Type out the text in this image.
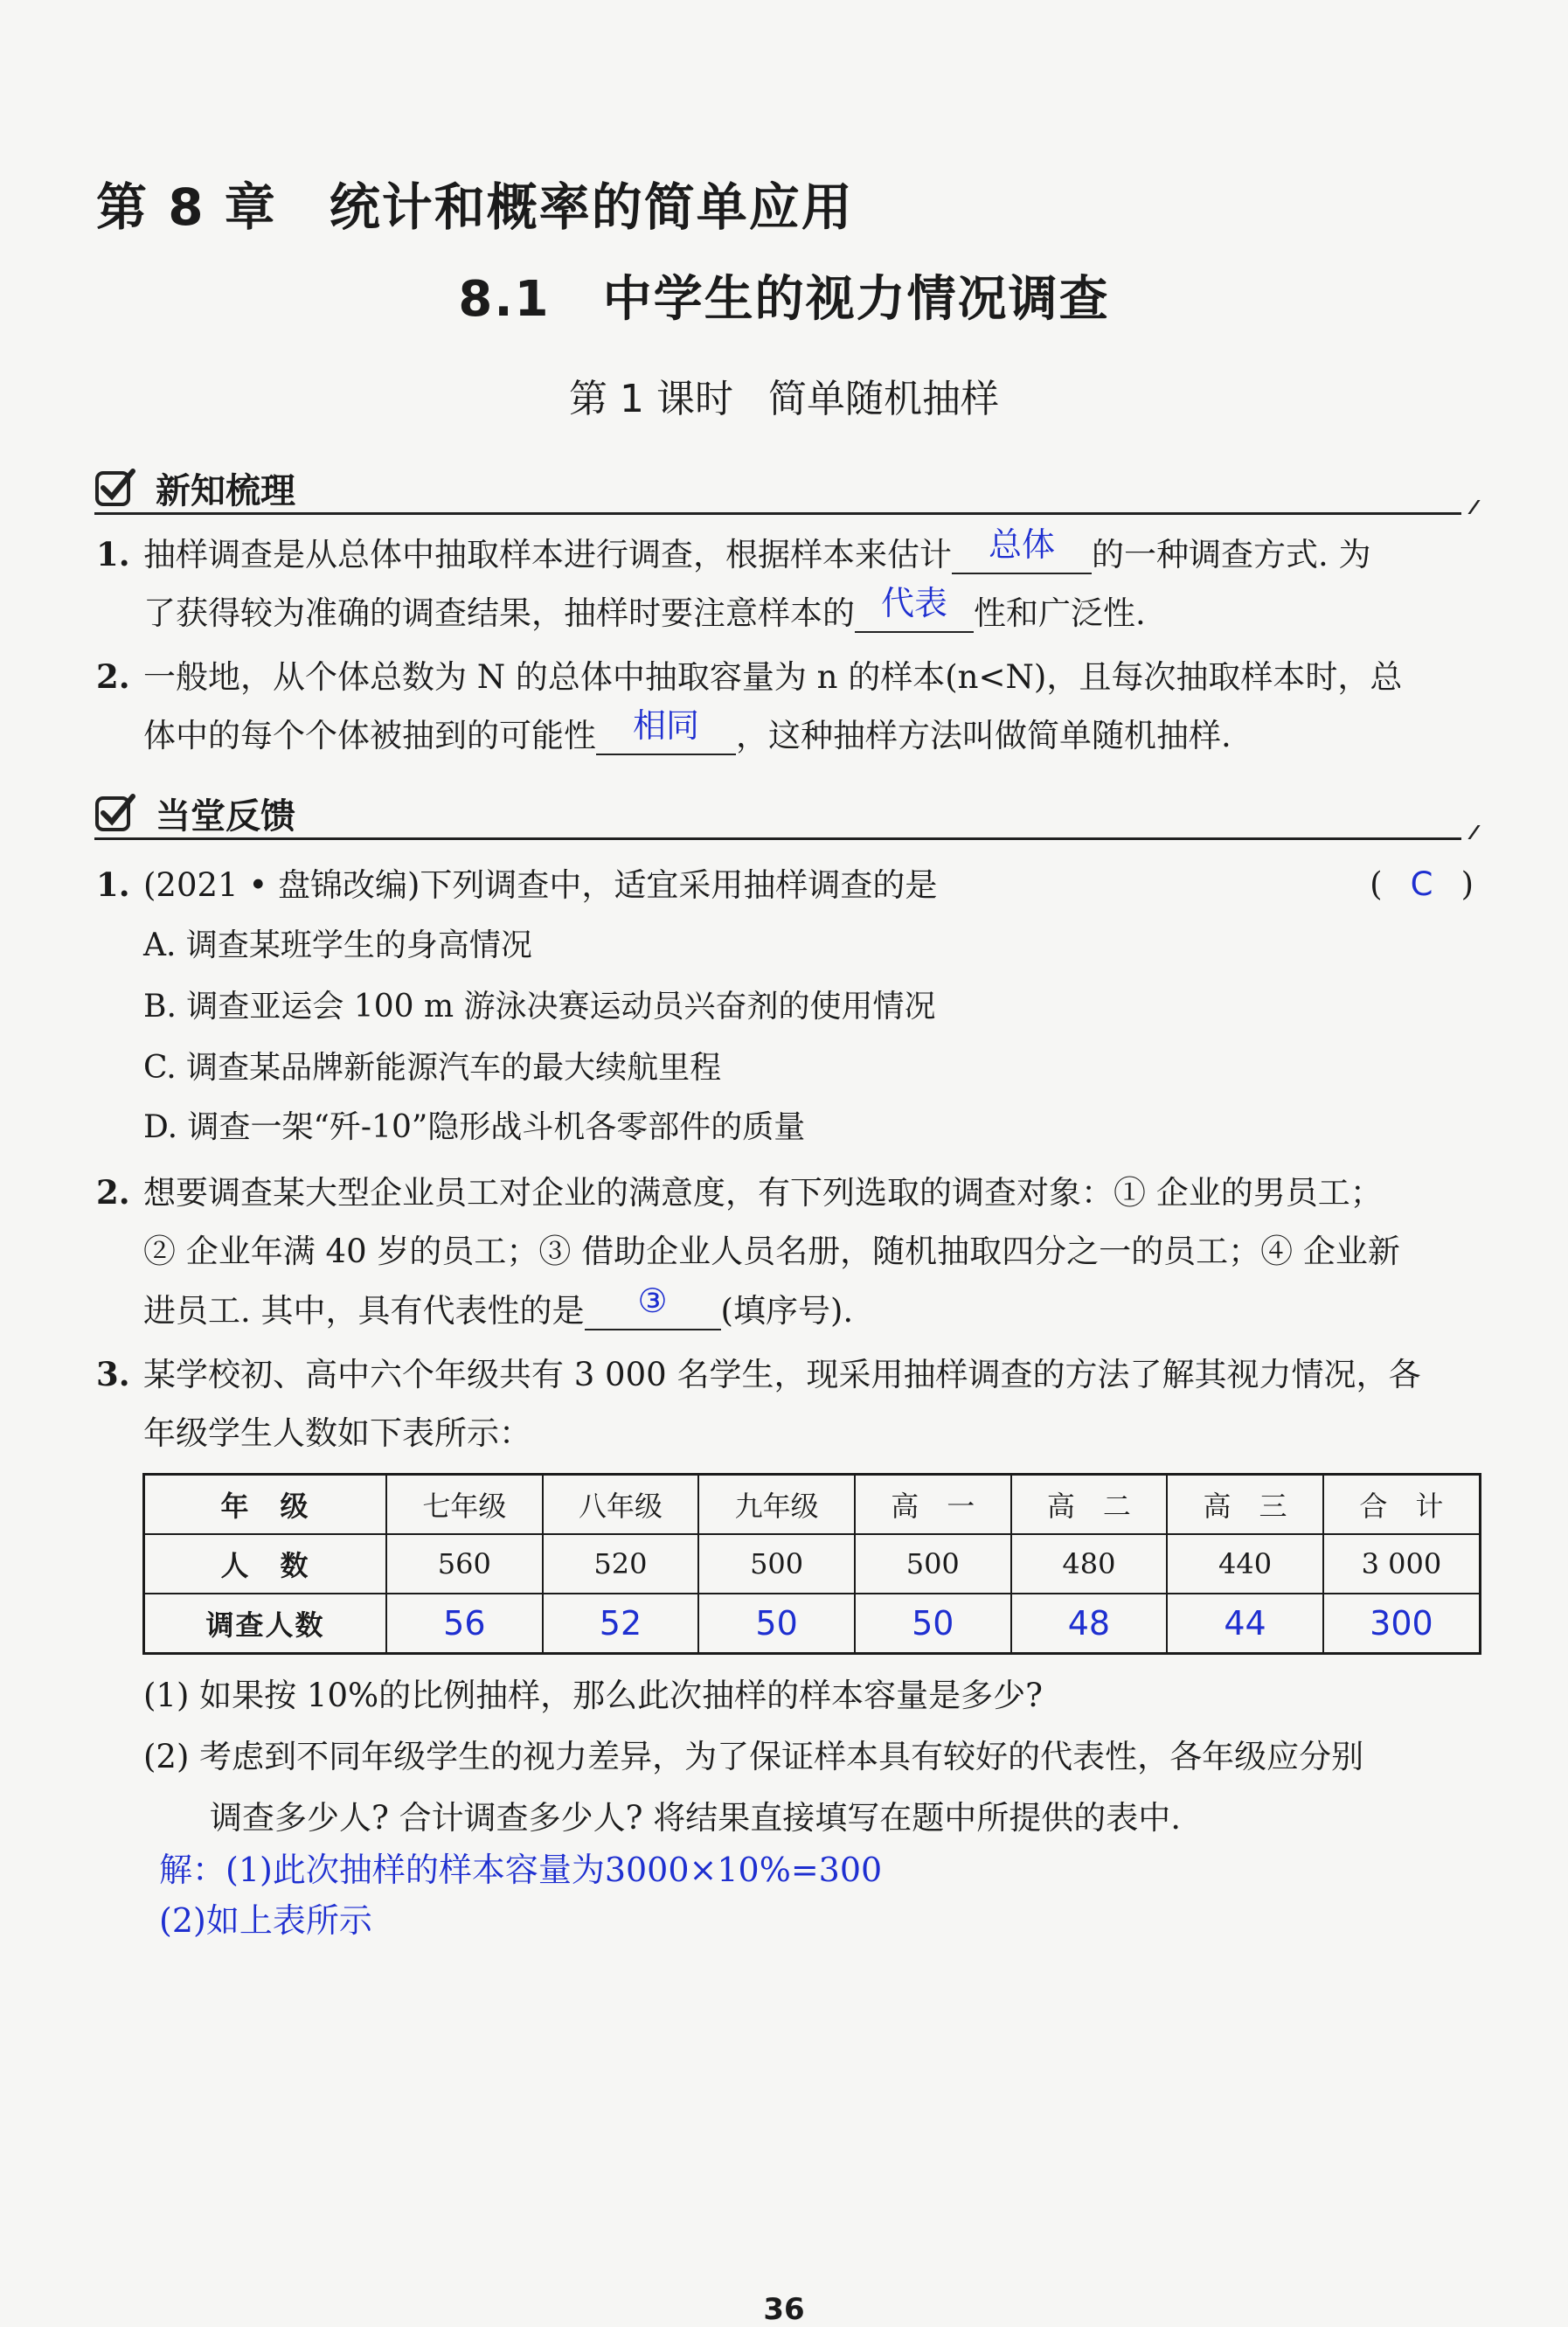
第 8 章 统计和概率的简单应用
8.1 中学生的视力情况调查
第 1 课时 简单随机抽样
新知梳理
1. 抽样调查是从总体中抽取样本进行调查，根据样本来估计	总体	的一种调查方式. 为
了获得较为准确的调查结果，抽样时要注意样本的 代表 性和广泛性.
2. 一般地，从个体总数为 N 的总体中抽取容量为 n 的样本(n<N)，且每次抽取样本时，总
体中的每个个体被抽到的可能性	相同	，这种抽样方法叫做简单随机抽样.
当堂反馈
1. (2021 • 盘锦改编)下列调查中，适宜采用抽样调查的是	( C )
A. 调查某班学生的身高情况
B. 调查亚运会 100 m 游泳决赛运动员兴奋剂的使用情况
C. 调查某品牌新能源汽车的最大续航里程
D. 调查一架“歼-10”隐形战斗机各零部件的质量
2. 想要调查某大型企业员工对企业的满意度，有下列选取的调查对象：① 企业的男员工；
② 企业年满 40 岁的员工；③ 借助企业人员名册，随机抽取四分之一的员工；④ 企业新
进员工. 其中，具有代表性的是	③	(填序号).
3. 某学校初、高中六个年级共有 3 000 名学生，现采用抽样调查的方法了解其视力情况，各
年级学生人数如下表所示：
年　级	七年级	八年级	九年级	高　一	高　二	高　三	合　计
人　数	560	520	500	500	480	440	3 000
调查人数	56	52	50	50	48	44	300
(1) 如果按 10%的比例抽样，那么此次抽样的样本容量是多少?
(2) 考虑到不同年级学生的视力差异，为了保证样本具有较好的代表性，各年级应分别
调查多少人? 合计调查多少人? 将结果直接填写在题中所提供的表中.
解：(1)此次抽样的样本容量为3000×10%=300
(2)如上表所示
36
